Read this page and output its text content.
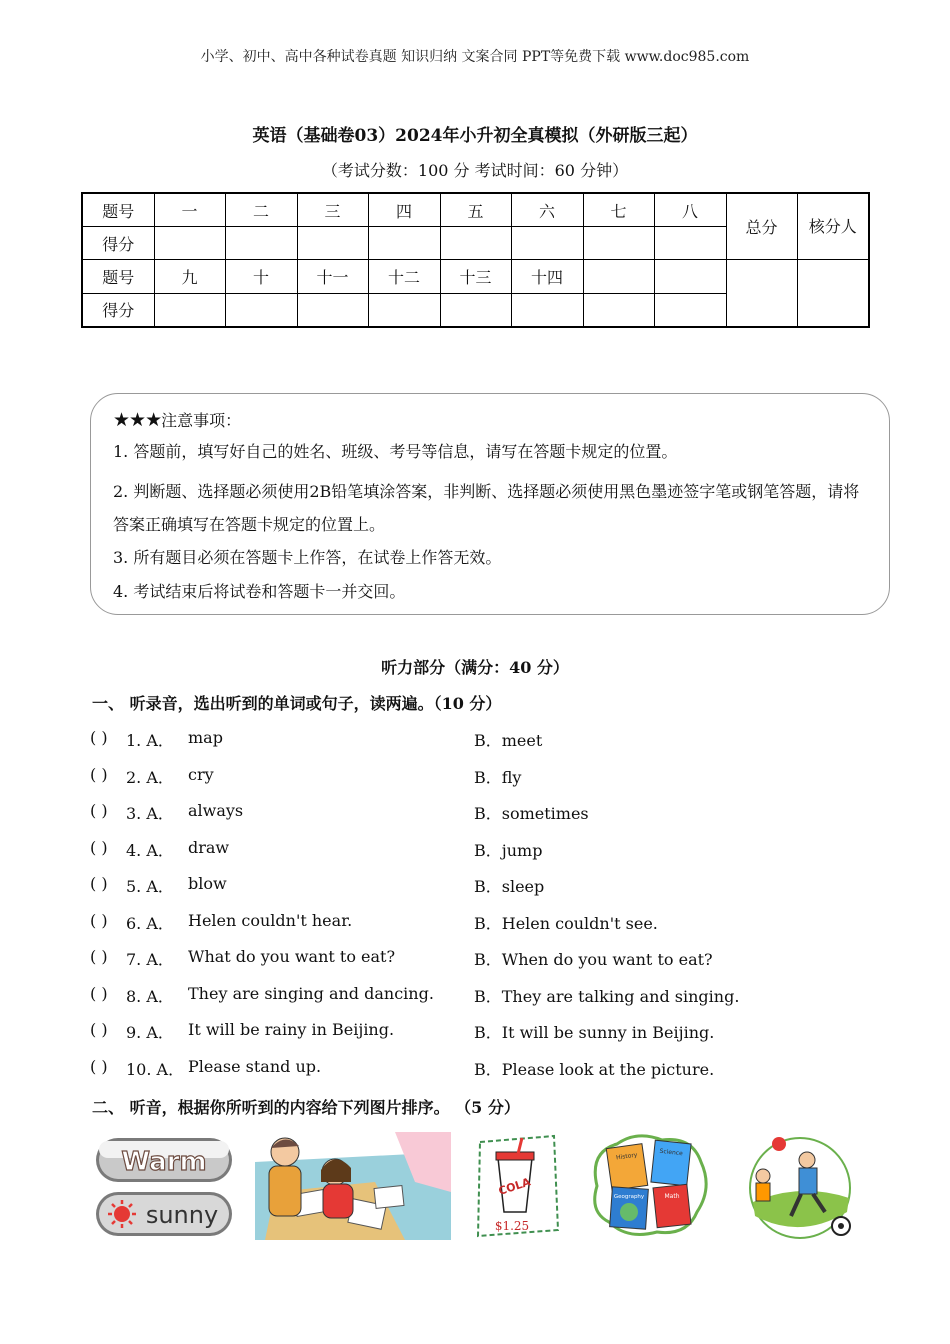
小学、初中、高中各种试卷真题 知识归纳 文案合同 PPT等免费下载 www.doc985.com
英语（基础卷03）2024年小升初全真模拟（外研版三起）
（考试分数：100 分 考试时间：60 分钟）
题号	一	二	三	四	五	六	七	八	总分	核分人
得分										
题号	九	十	十一	十二	十三	十四				
得分										
★★★注意事项：

1. 答题前，填写好自己的姓名、班级、考号等信息，请写在答题卡规定的位置。

2. 判断题、选择题必须使用2B铅笔填涂答案，非判断、选择题必须使用黑色墨迹签字笔或钢笔答题，请将答案正确填写在答题卡规定的位置上。

3. 所有题目必须在答题卡上作答，在试卷上作答无效。

4. 考试结束后将试卷和答题卡一并交回。

听力部分（满分：40 分）
一、 听录音，选出听到的单词或句子，读两遍。（10 分）
( ) 1. A． map	B．meet
( ) 2. A． cry	B．fly
( ) 3. A． always	B．sometimes
( ) 4. A． draw	B．jump
( ) 5. A． blow	B．sleep
( ) 6. A． Helen couldn't hear.	B．Helen couldn't see.
( ) 7. A． What do you want to eat?	B．When do you want to eat?
( ) 8. A． They are singing and dancing.	B．They are talking and singing.
( ) 9. A． It will be rainy in Beijing.	B．It will be sunny in Beijing.
( ) 10. A． Please stand up.	B．Please look at the picture.
二、 听音，根据你所听到的内容给下列图片排序。 （5 分）
Warm
sunny
COLA
$1.25
History	Science
Geography	Math
